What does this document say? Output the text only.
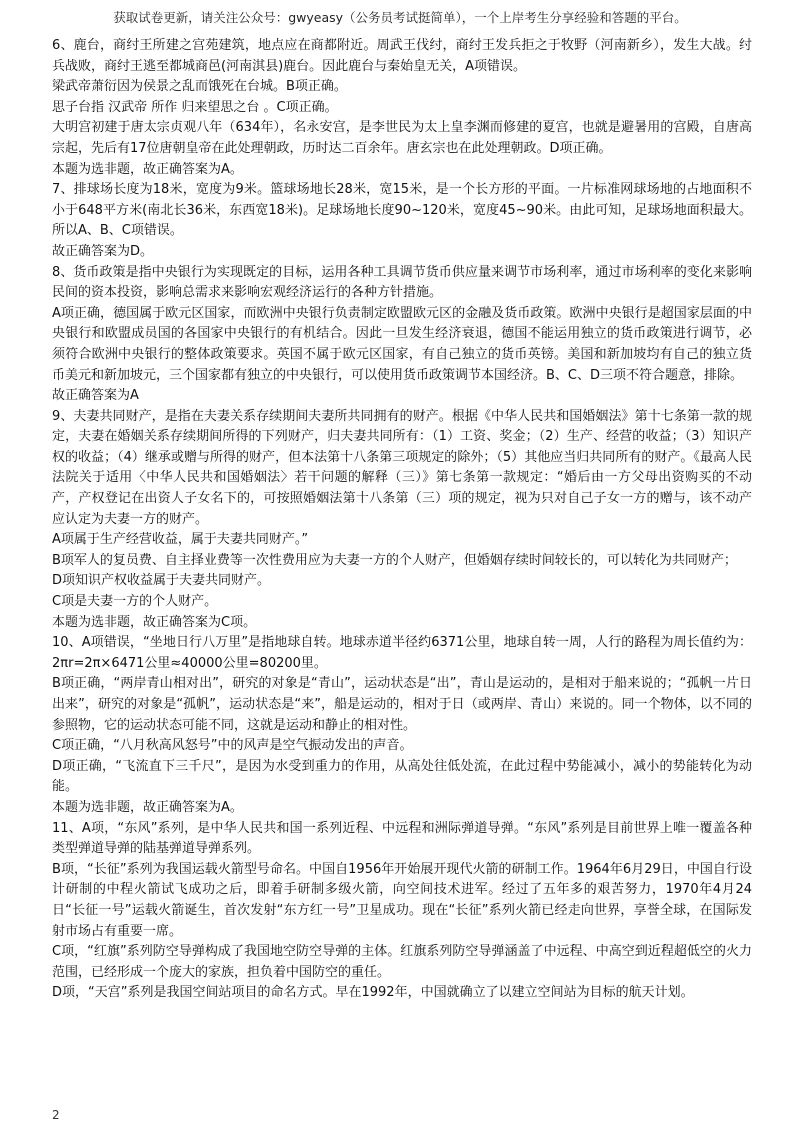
获取试卷更新，请关注公众号：gwyeasy（公务员考试挺简单），一个上岸考生分享经验和答题的平台。

6、鹿台，商纣王所建之宫苑建筑，地点应在商都附近。周武王伐纣，商纣王发兵拒之于牧野（河南新乡），发生大战。纣兵战败，商纣王逃至都城商邑(河南淇县)鹿台。因此鹿台与秦始皇无关，A项错误。

梁武帝萧衍因为侯景之乱而饿死在台城。B项正确。

思子台指 汉武帝 所作 归来望思之台 。C项正确。

大明宫初建于唐太宗贞观八年（634年），名永安宫，是李世民为太上皇李渊而修建的夏宫，也就是避暑用的宫殿，自唐高宗起，先后有17位唐朝皇帝在此处理朝政，历时达二百余年。唐玄宗也在此处理朝政。D项正确。

本题为选非题，故正确答案为A。

7、排球场长度为18米，宽度为9米。篮球场地长28米，宽15米，是一个长方形的平面。一片标准网球场地的占地面积不小于648平方米(南北长36米，东西宽18米)。足球场地长度90~120米，宽度45~90米。由此可知，足球场地面积最大。所以A、B、C项错误。

故正确答案为D。

8、货币政策是指中央银行为实现既定的目标，运用各种工具调节货币供应量来调节市场利率，通过市场利率的变化来影响民间的资本投资，影响总需求来影响宏观经济运行的各种方针措施。

A项正确，德国属于欧元区国家，而欧洲中央银行负责制定欧盟欧元区的金融及货币政策。欧洲中央银行是超国家层面的中央银行和欧盟成员国的各国家中央银行的有机结合。因此一旦发生经济衰退，德国不能运用独立的货币政策进行调节，必须符合欧洲中央银行的整体政策要求。英国不属于欧元区国家，有自己独立的货币英镑。美国和新加坡均有自己的独立货币美元和新加坡元，三个国家都有独立的中央银行，可以使用货币政策调节本国经济。B、C、D三项不符合题意，排除。

故正确答案为A

9、夫妻共同财产，是指在夫妻关系存续期间夫妻所共同拥有的财产。根据《中华人民共和国婚姻法》第十七条第一款的规定，夫妻在婚姻关系存续期间所得的下列财产，归夫妻共同所有：（1）工资、奖金；（2）生产、经营的收益；（3）知识产权的收益；（4）继承或赠与所得的财产，但本法第十八条第三项规定的除外；（5）其他应当归共同所有的财产。《最高人民法院关于适用〈中华人民共和国婚姻法〉若干问题的解释（三）》第七条第一款规定：“婚后由一方父母出资购买的不动产，产权登记在出资人子女名下的，可按照婚姻法第十八条第（三）项的规定，视为只对自己子女一方的赠与，该不动产应认定为夫妻一方的财产。

A项属于生产经营收益，属于夫妻共同财产。”

B项军人的复员费、自主择业费等一次性费用应为夫妻一方的个人财产，但婚姻存续时间较长的，可以转化为共同财产；

D项知识产权收益属于夫妻共同财产。

C项是夫妻一方的个人财产。

本题为选非题，故正确答案为C项。

10、A项错误，“坐地日行八万里”是指地球自转。地球赤道半径约6371公里，地球自转一周，人行的路程为周长值约为：2πr=2π×6471公里≈40000公里=80200里。

B项正确，“两岸青山相对出”，研究的对象是“青山”，运动状态是“出”，青山是运动的，是相对于船来说的；“孤帆一片日出来”，研究的对象是“孤帆”，运动状态是“来”，船是运动的，相对于日（或两岸、青山）来说的。同一个物体，以不同的参照物，它的运动状态可能不同，这就是运动和静止的相对性。

C项正确，“八月秋高风怒号”中的风声是空气振动发出的声音。

D项正确，“飞流直下三千尺”，是因为水受到重力的作用，从高处往低处流，在此过程中势能减小，减小的势能转化为动能。

本题为选非题，故正确答案为A。

11、A项，“东风”系列，是中华人民共和国一系列近程、中远程和洲际弹道导弹。“东风”系列是目前世界上唯一覆盖各种类型弹道导弹的陆基弹道导弹系列。

B项，“长征”系列为我国运载火箭型号命名。中国自1956年开始展开现代火箭的研制工作。1964年6月29日，中国自行设计研制的中程火箭试飞成功之后，即着手研制多级火箭，向空间技术进军。经过了五年多的艰苦努力，1970年4月24日“长征一号”运载火箭诞生，首次发射“东方红一号”卫星成功。现在“长征”系列火箭已经走向世界，享誉全球，在国际发射市场占有重要一席。

C项，“红旗”系列防空导弹构成了我国地空防空导弹的主体。红旗系列防空导弹涵盖了中远程、中高空到近程超低空的火力范围，已经形成一个庞大的家族，担负着中国防空的重任。

D项，“天宫”系列是我国空间站项目的命名方式。早在1992年，中国就确立了以建立空间站为目标的航天计划。

2
